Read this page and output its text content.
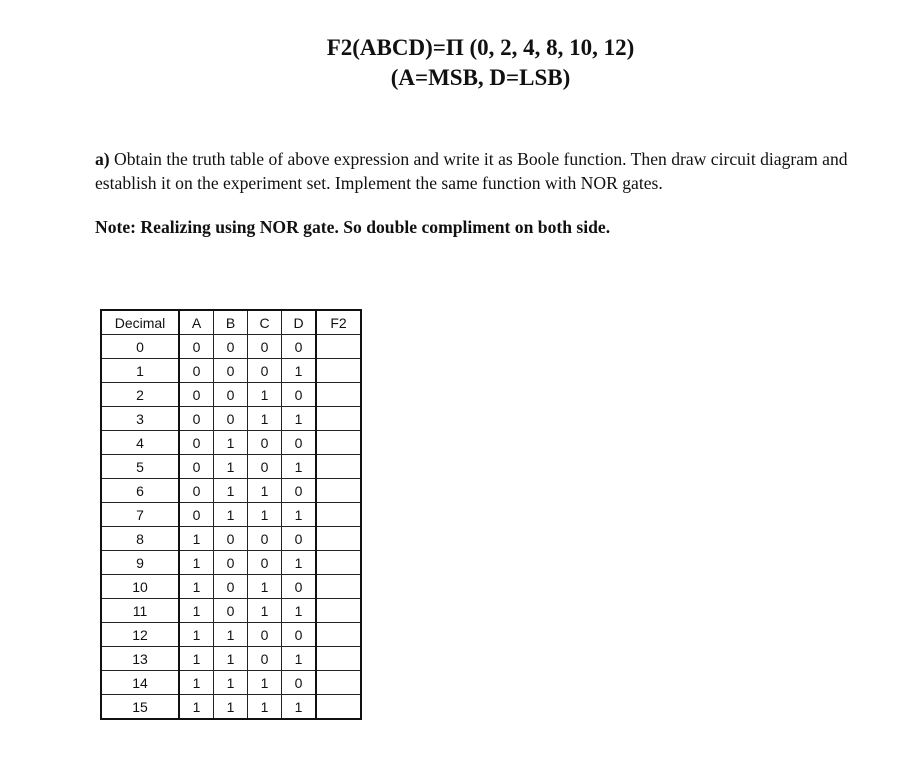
F2(ABCD)=Π (0, 2, 4, 8, 10, 12)
(A=MSB, D=LSB)
a) Obtain the truth table of above expression and write it as Boole function. Then draw circuit diagram and establish it on the experiment set. Implement the same function with NOR gates.
Note: Realizing using NOR gate. So double compliment on both side.
Decimal	A	B	C	D	F2
0	0	0	0	0	
1	0	0	0	1	
2	0	0	1	0	
3	0	0	1	1	
4	0	1	0	0	
5	0	1	0	1	
6	0	1	1	0	
7	0	1	1	1	
8	1	0	0	0	
9	1	0	0	1	
10	1	0	1	0	
11	1	0	1	1	
12	1	1	0	0	
13	1	1	0	1	
14	1	1	1	0	
15	1	1	1	1	
